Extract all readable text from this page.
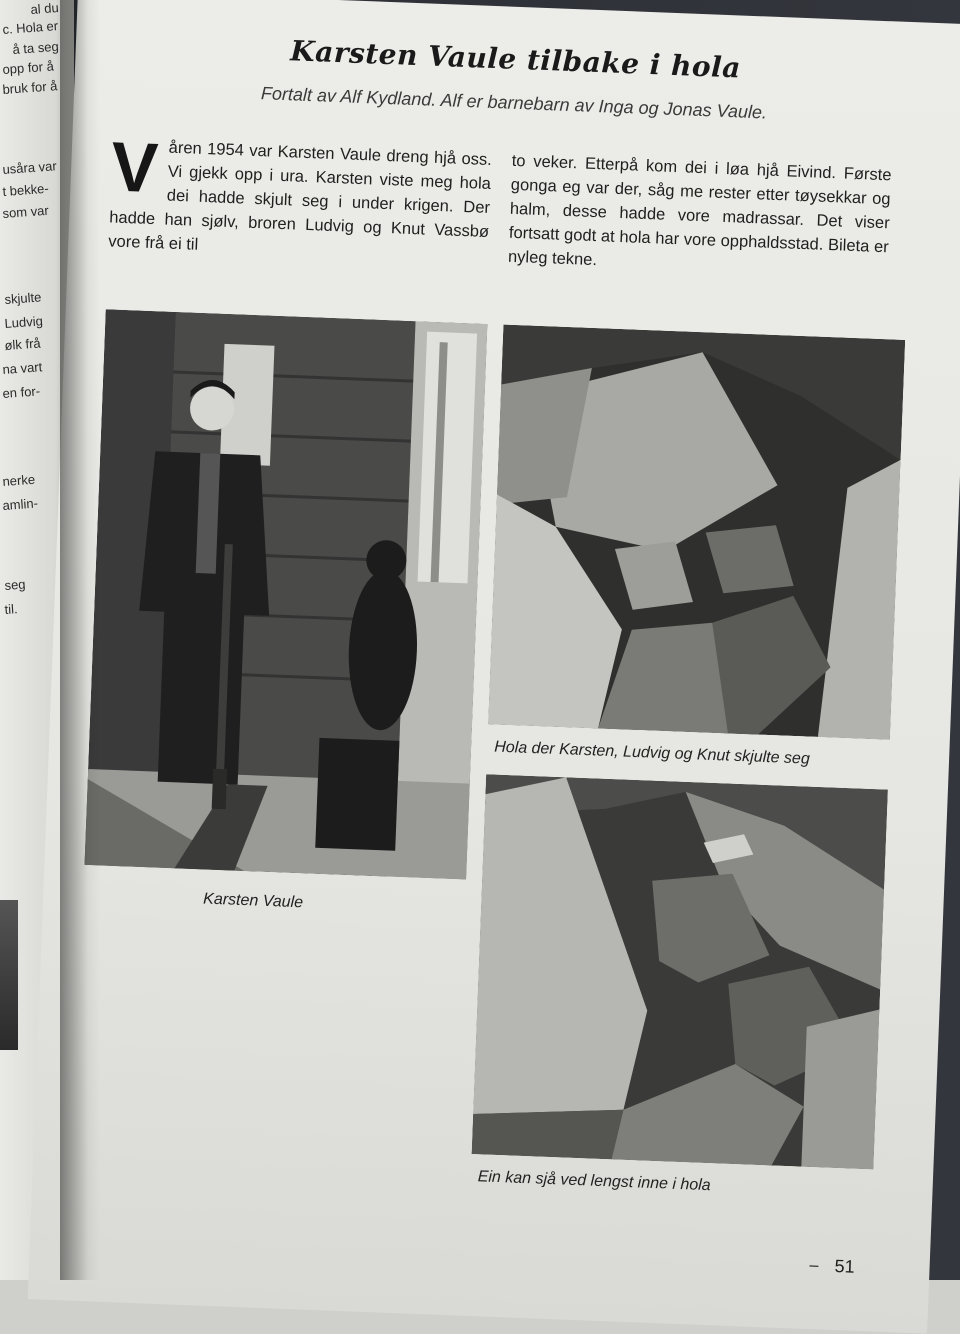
al du
c. Hola er
å ta seg
opp for å
bruk for å
usåra var
t bekke-
som var
skjulte
Ludvig
ølk frå
na vart
en for-
nerke
amlin-
seg
til.
Karsten Vaule tilbake i hola
Fortalt av Alf Kydland. Alf er barnebarn av Inga og Jonas Vaule.
V åren 1954 var Karsten Vaule dreng hjå oss. Vi gjekk opp i ura. Karsten viste meg hola dei hadde skjult seg i under krigen. Der hadde han sjølv, broren Ludvig og Knut Vassbø vore frå ei til
to veker. Etterpå kom dei i løa hjå Eivind. Første gonga eg var der, såg me rester etter tøysekkar og halm, desse hadde vore madrassar. Det viser fortsatt godt at hola har vore opphaldsstad. Bileta er nyleg tekne.
Karsten Vaule
Hola der Karsten, Ludvig og Knut skjulte seg
Ein kan sjå ved lengst inne i hola
– 51
